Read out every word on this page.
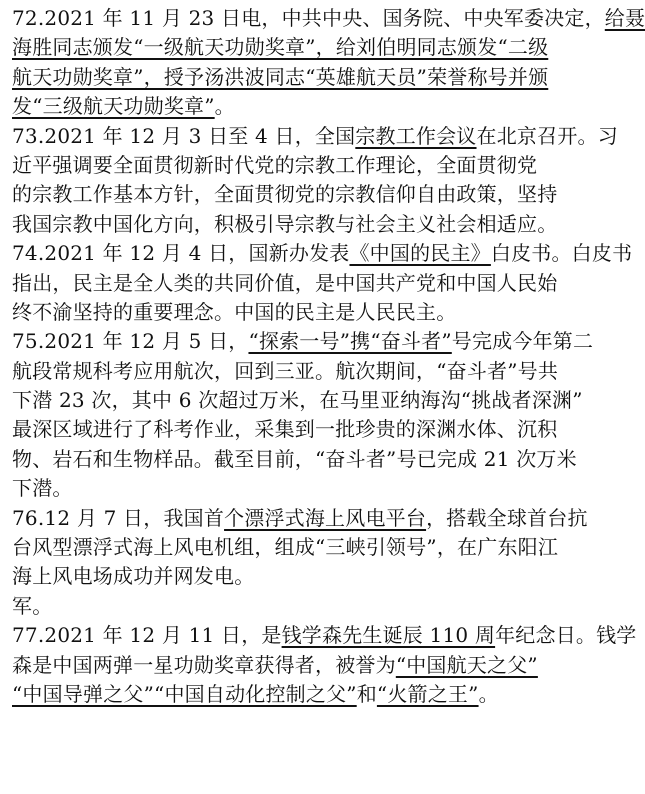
72.2021 年 11 月 23 日电，中共中央、国务院、中央军委决定，给聂
海胜同志颁发“一级航天功勋奖章”，给刘伯明同志颁发“二级
航天功勋奖章”，授予汤洪波同志“英雄航天员”荣誉称号并颁
发“三级航天功勋奖章”。
73.2021 年 12 月 3 日至 4 日，全国宗教工作会议在北京召开。习
近平强调要全面贯彻新时代党的宗教工作理论，全面贯彻党
的宗教工作基本方针，全面贯彻党的宗教信仰自由政策，坚持
我国宗教中国化方向，积极引导宗教与社会主义社会相适应。
74.2021 年 12 月 4 日，国新办发表《中国的民主》白皮书。白皮书
指出，民主是全人类的共同价值，是中国共产党和中国人民始
终不渝坚持的重要理念。中国的民主是人民民主。
75.2021 年 12 月 5 日，“探索一号”携“奋斗者”号完成今年第二
航段常规科考应用航次，回到三亚。航次期间，“奋斗者”号共
下潜 23 次，其中 6 次超过万米，在马里亚纳海沟“挑战者深渊”
最深区域进行了科考作业，采集到一批珍贵的深渊水体、沉积
物、岩石和生物样品。截至目前，“奋斗者”号已完成 21 次万米
下潜。
76.12 月 7 日，我国首个漂浮式海上风电平台，搭载全球首台抗
台风型漂浮式海上风电机组，组成“三峡引领号”，在广东阳江
海上风电场成功并网发电。
军。
77.2021 年 12 月 11 日，是钱学森先生诞辰 110 周年纪念日。钱学
森是中国两弹一星功勋奖章获得者，被誉为“中国航天之父”
“中国导弹之父”“中国自动化控制之父”和“火箭之王”。
